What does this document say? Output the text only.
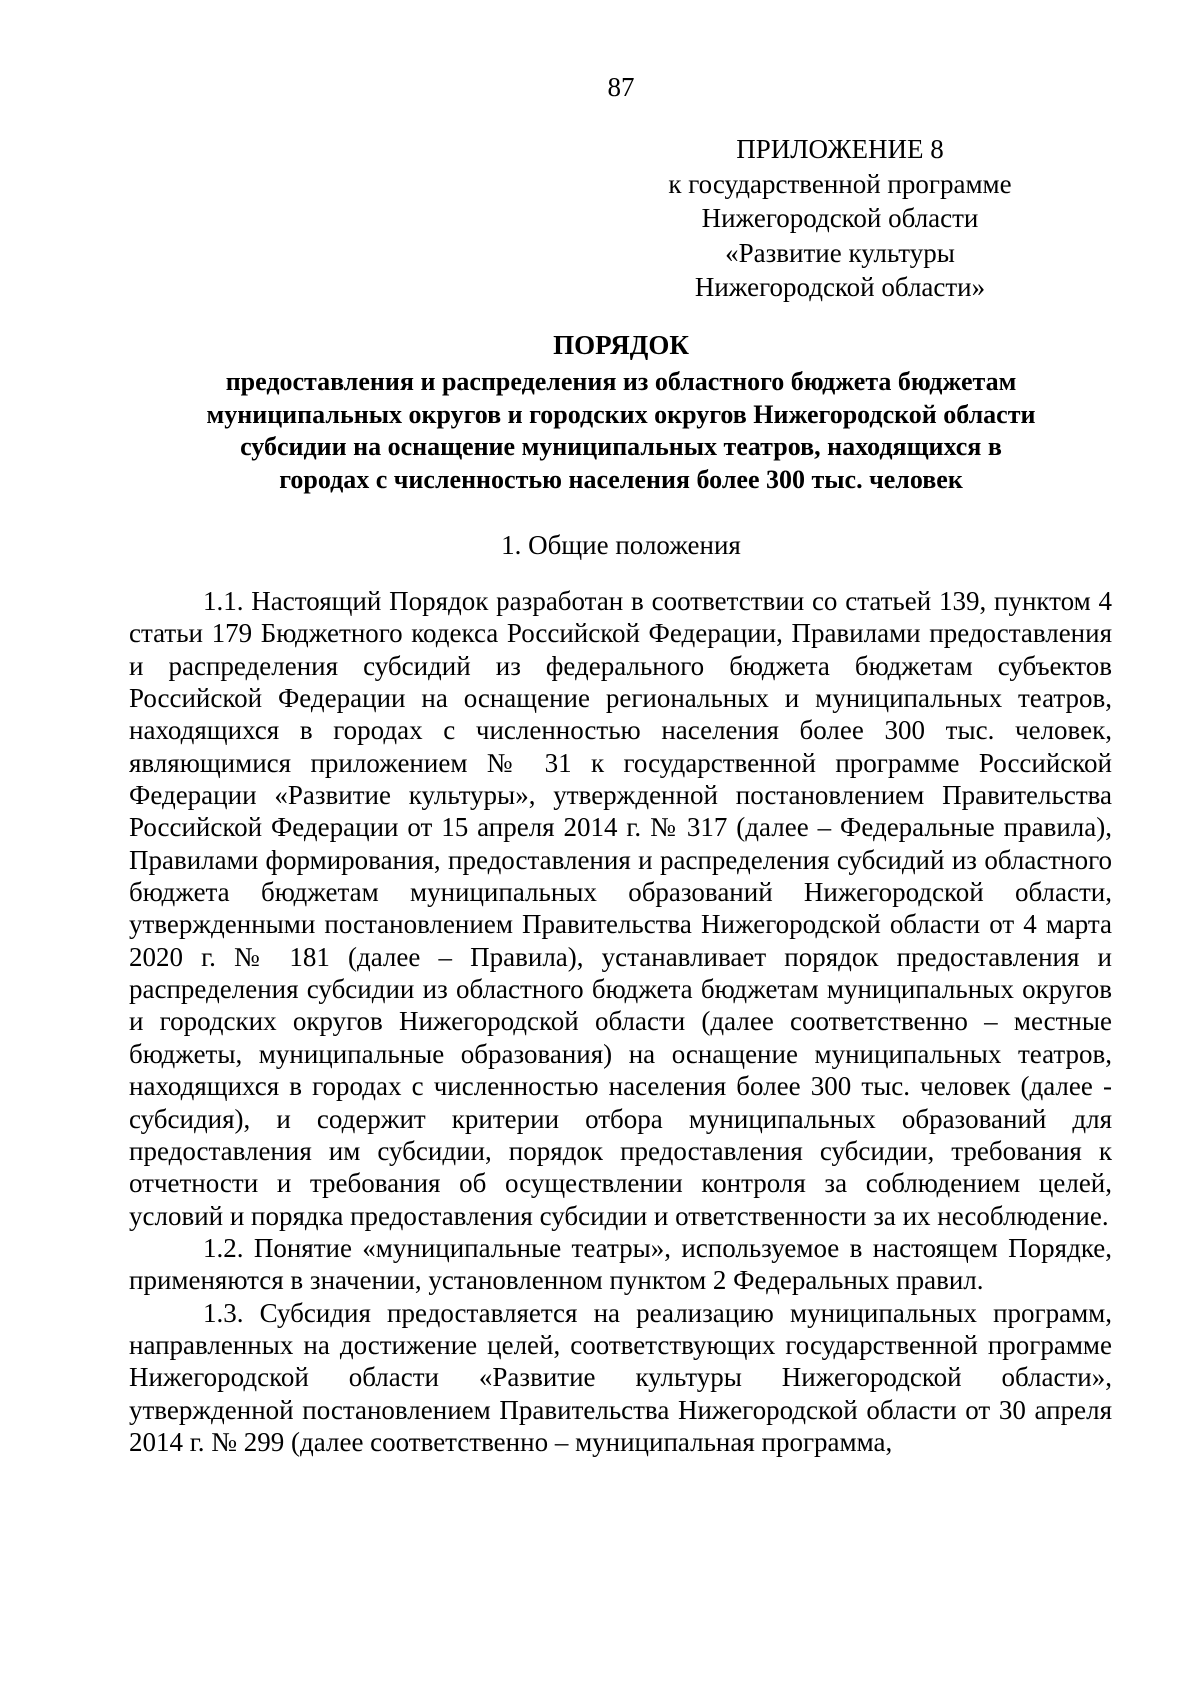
87
ПРИЛОЖЕНИЕ 8
к государственной программе
Нижегородской области
«Развитие культуры
Нижегородской области»
ПОРЯДОК
предоставления и распределения из областного бюджета бюджетам
муниципальных округов и городских округов Нижегородской области
субсидии на оснащение муниципальных театров, находящихся в
городах с численностью населения более 300 тыс. человек
1. Общие положения

1.1. Настоящий Порядок разработан в соответствии со статьей 139, пунктом 4 статьи 179 Бюджетного кодекса Российской Федерации, Правилами предоставления и распределения субсидий из федерального бюджета бюджетам субъектов Российской Федерации на оснащение региональных и муниципальных театров, находящихся в городах с численностью населения более 300 тыс. человек, являющимися приложением № 31 к государственной программе Российской Федерации «Развитие культуры», утвержденной постановлением Правительства Российской Федерации от 15 апреля 2014 г. № 317 (далее – Федеральные правила), Правилами формирования, предоставления и распределения субсидий из областного бюджета бюджетам муниципальных образований Нижегородской области, утвержденными постановлением Правительства Нижегородской области от 4 марта 2020 г. № 181 (далее – Правила), устанавливает порядок предоставления и распределения субсидии из областного бюджета бюджетам муниципальных округов и городских округов Нижегородской области (далее соответственно – местные бюджеты, муниципальные образования) на оснащение муниципальных театров, находящихся в городах с численностью населения более 300 тыс. человек (далее - субсидия), и содержит критерии отбора муниципальных образований для предоставления им субсидии, порядок предоставления субсидии, требования к отчетности и требования об осуществлении контроля за соблюдением целей, условий и порядка предоставления субсидии и ответственности за их несоблюдение.

1.2. Понятие «муниципальные театры», используемое в настоящем Порядке, применяются в значении, установленном пунктом 2 Федеральных правил.

1.3. Субсидия предоставляется на реализацию муниципальных программ, направленных на достижение целей, соответствующих государственной программе Нижегородской области «Развитие культуры Нижегородской области», утвержденной постановлением Правительства Нижегородской области от 30 апреля 2014 г. № 299 (далее соответственно – муниципальная программа,
